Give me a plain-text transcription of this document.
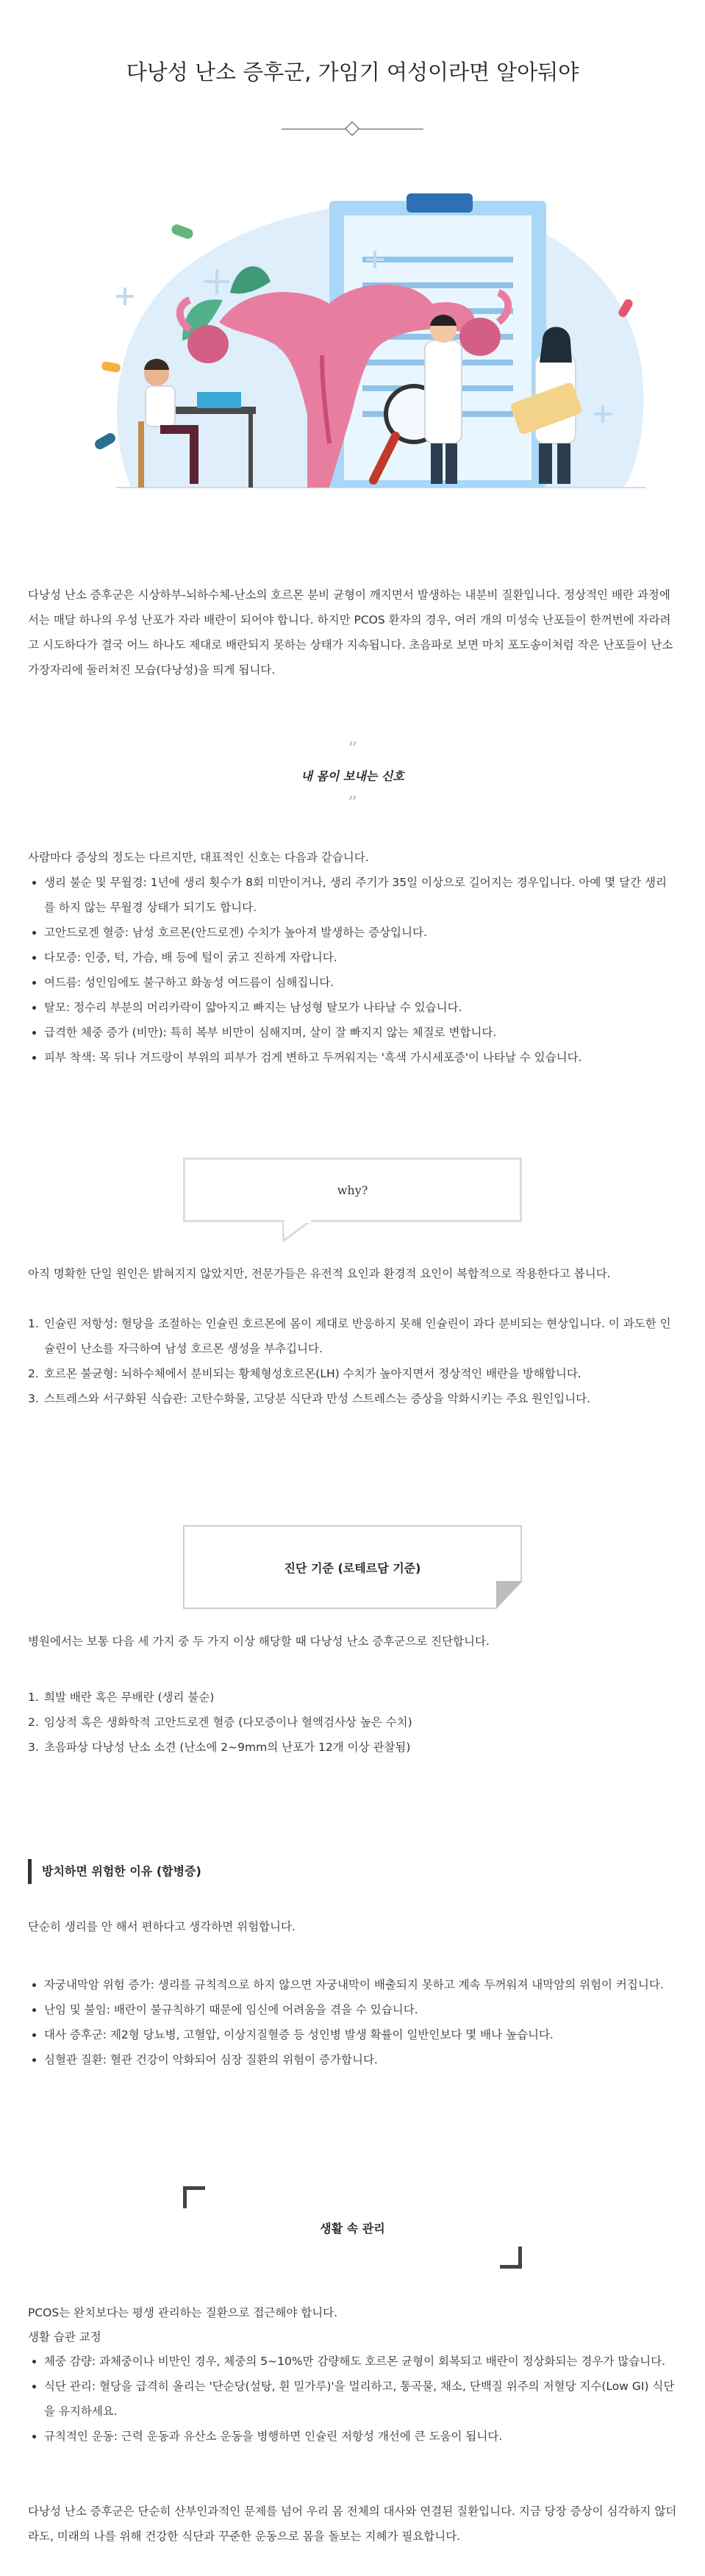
다낭성 난소 증후군, 가임기 여성이라면 알아둬야

다낭성 난소 증후군은 시상하부-뇌하수체-난소의 호르몬 분비 균형이 깨지면서 발생하는 내분비 질환입니다. 정상적인 배란 과정에서는 매달 하나의 우성 난포가 자라 배란이 되어야 합니다. 하지만 PCOS 환자의 경우, 여러 개의 미성숙 난포들이 한꺼번에 자라려고 시도하다가 결국 어느 하나도 제대로 배란되지 못하는 상태가 지속됩니다. 초음파로 보면 마치 포도송이처럼 작은 난포들이 난소 가장자리에 둘러쳐진 모습(다낭성)을 띄게 됩니다.

“
내 몸이 보내는 신호
”

사람마다 증상의 정도는 다르지만, 대표적인 신호는 다음과 같습니다.

생리 불순 및 무월경: 1년에 생리 횟수가 8회 미만이거나, 생리 주기가 35일 이상으로 길어지는 경우입니다. 아예 몇 달간 생리를 하지 않는 무월경 상태가 되기도 합니다.
고안드로겐 혈증: 남성 호르몬(안드로겐) 수치가 높아져 발생하는 증상입니다.
다모증: 인중, 턱, 가슴, 배 등에 털이 굵고 진하게 자랍니다.
여드름: 성인임에도 불구하고 화농성 여드름이 심해집니다.
탈모: 정수리 부분의 머리카락이 얇아지고 빠지는 남성형 탈모가 나타날 수 있습니다.
급격한 체중 증가 (비만): 특히 복부 비만이 심해지며, 살이 잘 빠지지 않는 체질로 변합니다.
피부 착색: 목 뒤나 겨드랑이 부위의 피부가 검게 변하고 두꺼워지는 '흑색 가시세포증'이 나타날 수 있습니다.
why?

아직 명확한 단일 원인은 밝혀지지 않았지만, 전문가들은 유전적 요인과 환경적 요인이 복합적으로 작용한다고 봅니다.

1. 인슐린 저항성: 혈당을 조절하는 인슐린 호르몬에 몸이 제대로 반응하지 못해 인슐린이 과다 분비되는 현상입니다. 이 과도한 인슐린이 난소를 자극하여 남성 호르몬 생성을 부추깁니다.
2. 호르몬 불균형: 뇌하수체에서 분비되는 황체형성호르몬(LH) 수치가 높아지면서 정상적인 배란을 방해합니다.
3. 스트레스와 서구화된 식습관: 고탄수화물, 고당분 식단과 만성 스트레스는 증상을 악화시키는 주요 원인입니다.
진단 기준 (로테르담 기준)

병원에서는 보통 다음 세 가지 중 두 가지 이상 해당할 때 다낭성 난소 증후군으로 진단합니다.

1. 희발 배란 혹은 무배란 (생리 불순)
2. 임상적 혹은 생화학적 고안드로겐 혈증 (다모증이나 혈액검사상 높은 수치)
3. 초음파상 다낭성 난소 소견 (난소에 2~9mm의 난포가 12개 이상 관찰됨)
방치하면 위험한 이유 (합병증)

단순히 생리를 안 해서 편하다고 생각하면 위험합니다.

자궁내막암 위험 증가: 생리를 규칙적으로 하지 않으면 자궁내막이 배출되지 못하고 계속 두꺼워져 내막암의 위험이 커집니다.
난임 및 불임: 배란이 불규칙하기 때문에 임신에 어려움을 겪을 수 있습니다.
대사 증후군: 제2형 당뇨병, 고혈압, 이상지질혈증 등 성인병 발생 확률이 일반인보다 몇 배나 높습니다.
심혈관 질환: 혈관 건강이 악화되어 심장 질환의 위험이 증가합니다.
생활 속 관리

PCOS는 완치보다는 평생 관리하는 질환으로 접근해야 합니다.

생활 습관 교정

체중 감량: 과체중이나 비만인 경우, 체중의 5~10%만 감량해도 호르몬 균형이 회복되고 배란이 정상화되는 경우가 많습니다.
식단 관리: 혈당을 급격히 올리는 '단순당(설탕, 흰 밀가루)'을 멀리하고, 통곡물, 채소, 단백질 위주의 저혈당 지수(Low GI) 식단을 유지하세요.
규칙적인 운동: 근력 운동과 유산소 운동을 병행하면 인슐린 저항성 개선에 큰 도움이 됩니다.

다낭성 난소 증후군은 단순히 산부인과적인 문제를 넘어 우리 몸 전체의 대사와 연결된 질환입니다. 지금 당장 증상이 심각하지 않더라도, 미래의 나를 위해 건강한 식단과 꾸준한 운동으로 몸을 돌보는 지혜가 필요합니다.
